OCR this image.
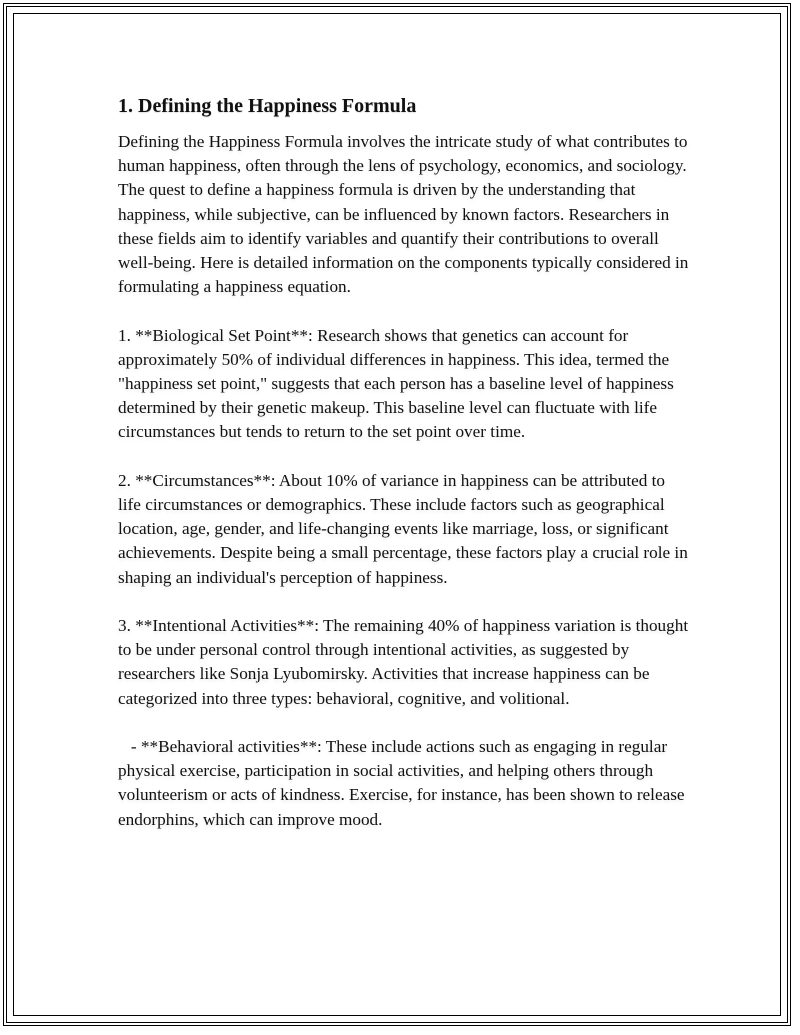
1. Defining the Happiness Formula

Defining the Happiness Formula involves the intricate study of what contributes to human happiness, often through the lens of psychology, economics, and sociology. The quest to define a happiness formula is driven by the understanding that happiness, while subjective, can be influenced by known factors. Researchers in these fields aim to identify variables and quantify their contributions to overall well-being. Here is detailed information on the components typically considered in formulating a happiness equation.

1. **Biological Set Point**: Research shows that genetics can account for approximately 50% of individual differences in happiness. This idea, termed the "happiness set point," suggests that each person has a baseline level of happiness determined by their genetic makeup. This baseline level can fluctuate with life circumstances but tends to return to the set point over time.

2. **Circumstances**: About 10% of variance in happiness can be attributed to life circumstances or demographics. These include factors such as geographical location, age, gender, and life-changing events like marriage, loss, or significant achievements. Despite being a small percentage, these factors play a crucial role in shaping an individual's perception of happiness.

3. **Intentional Activities**: The remaining 40% of happiness variation is thought to be under personal control through intentional activities, as suggested by researchers like Sonja Lyubomirsky. Activities that increase happiness can be categorized into three types: behavioral, cognitive, and volitional.

- **Behavioral activities**: These include actions such as engaging in regular physical exercise, participation in social activities, and helping others through volunteerism or acts of kindness. Exercise, for instance, has been shown to release endorphins, which can improve mood.
